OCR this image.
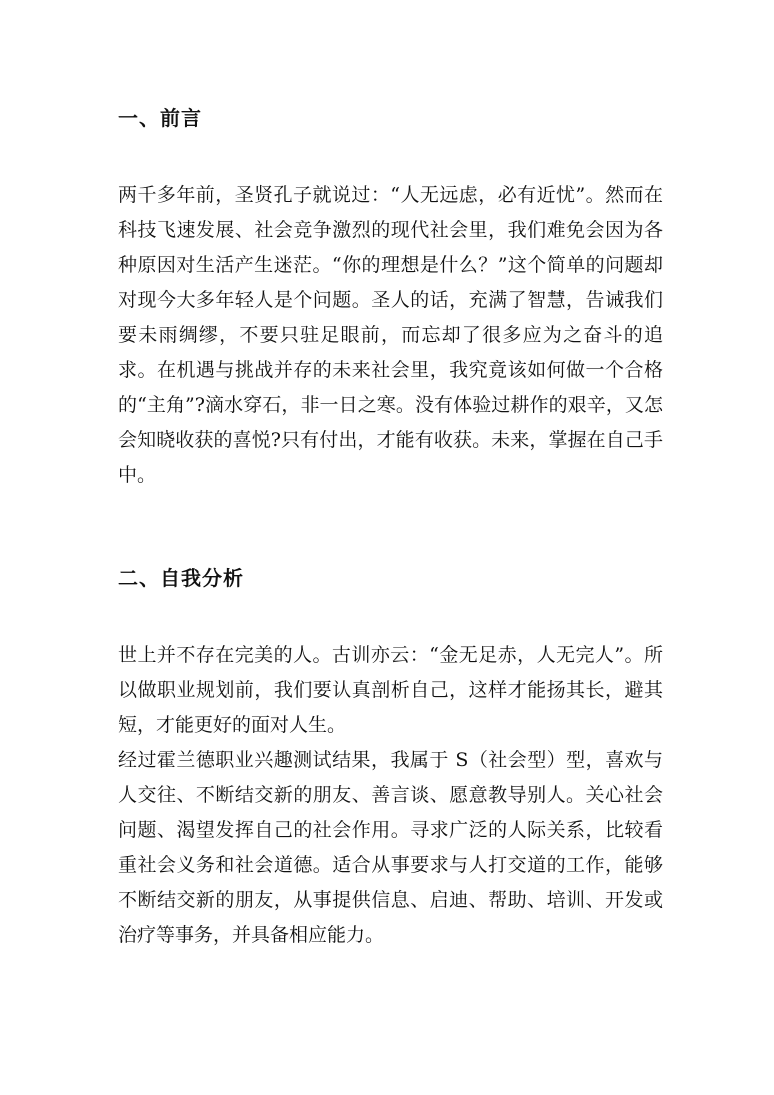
一、前言

两千多年前，圣贤孔子就说过：“人无远虑，必有近忧”。然而在科技飞速发展、社会竞争激烈的现代社会里，我们难免会因为各种原因对生活产生迷茫。“你的理想是什么？”这个简单的问题却对现今大多年轻人是个问题。圣人的话，充满了智慧，告诫我们要未雨绸缪，不要只驻足眼前，而忘却了很多应为之奋斗的追求。在机遇与挑战并存的未来社会里，我究竟该如何做一个合格的“主角”?滴水穿石，非一日之寒。没有体验过耕作的艰辛，又怎会知晓收获的喜悦?只有付出，才能有收获。未来，掌握在自己手中。

二、自我分析

世上并不存在完美的人。古训亦云：“金无足赤，人无完人”。所以做职业规划前，我们要认真剖析自己，这样才能扬其长，避其短，才能更好的面对人生。

经过霍兰德职业兴趣测试结果，我属于 S（社会型）型，喜欢与人交往、不断结交新的朋友、善言谈、愿意教导别人。关心社会问题、渴望发挥自己的社会作用。寻求广泛的人际关系，比较看重社会义务和社会道德。适合从事要求与人打交道的工作，能够不断结交新的朋友，从事提供信息、启迪、帮助、培训、开发或治疗等事务，并具备相应能力。
